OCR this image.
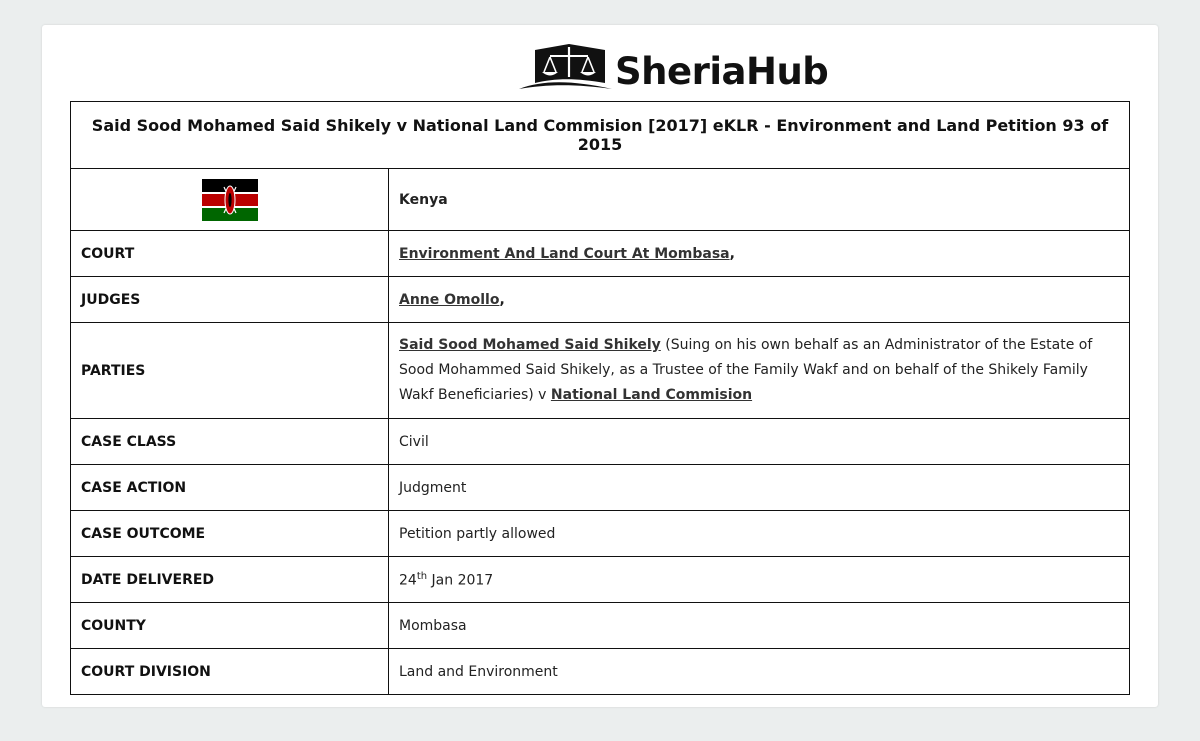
SheriaHub
Said Sood Mohamed Said Shikely v National Land Commision [2017] eKLR - Environment and Land Petition 93 of 2015	
	Kenya
COURT	Environment And Land Court At Mombasa,
JUDGES	Anne Omollo,
PARTIES	Said Sood Mohamed Said Shikely (Suing on his own behalf as an Administrator of the Estate of Sood Mohammed Said Shikely, as a Trustee of the Family Wakf and on behalf of the Shikely Family Wakf Beneficiaries) v National Land Commision
CASE CLASS	Civil
CASE ACTION	Judgment
CASE OUTCOME	Petition partly allowed
DATE DELIVERED	24th Jan 2017
COUNTY	Mombasa
COURT DIVISION	Land and Environment
